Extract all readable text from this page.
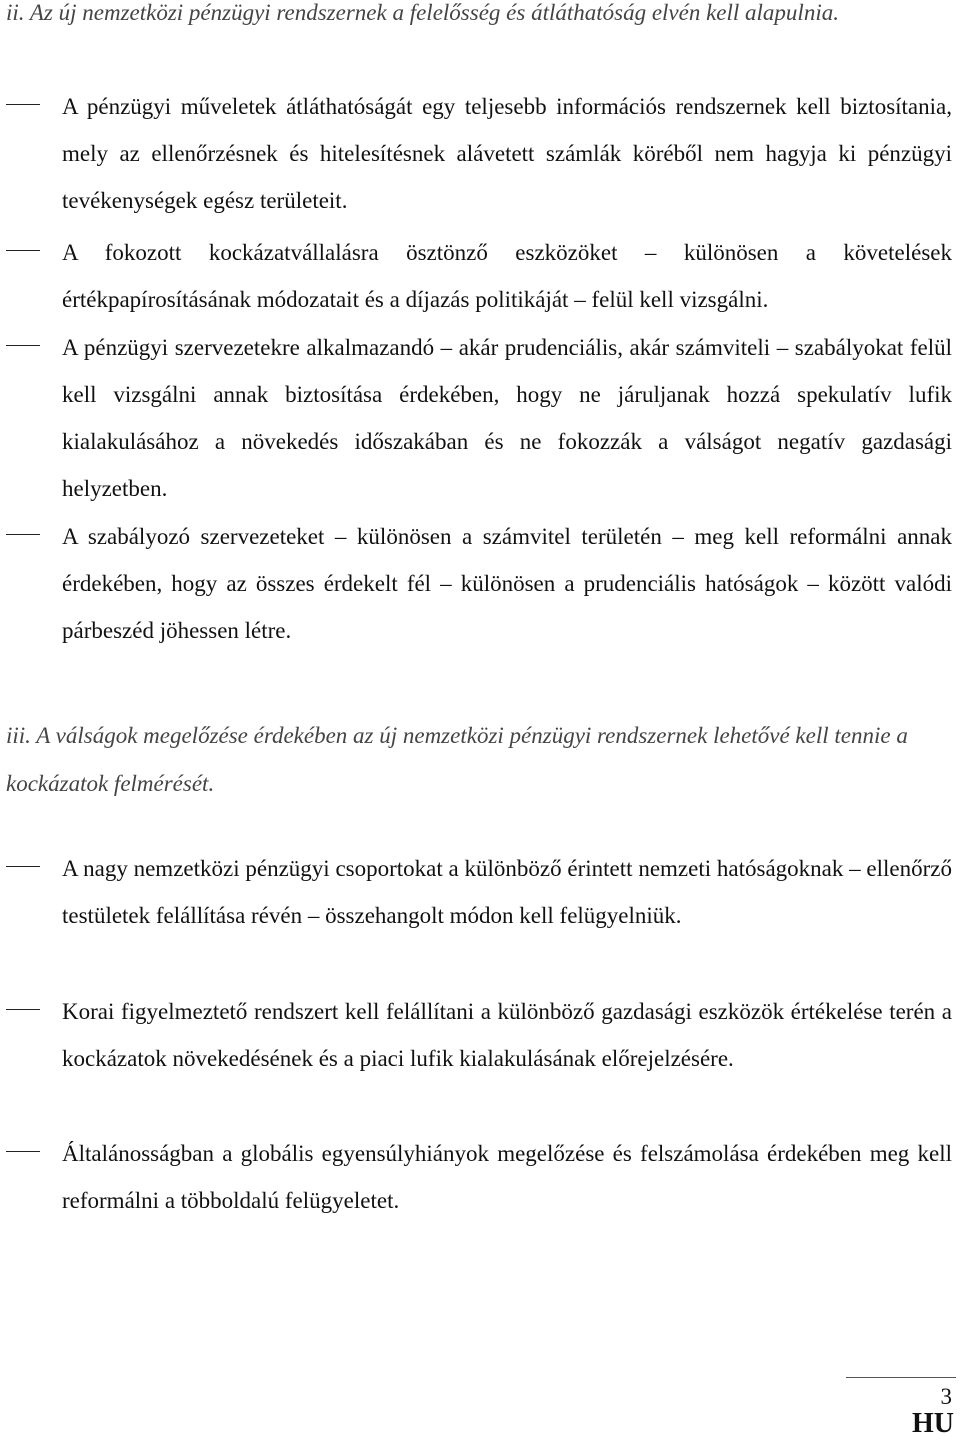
ii. Az új nemzetközi pénzügyi rendszernek a felelősség és átláthatóság elvén kell alapulnia.

A pénzügyi műveletek átláthatóságát egy teljesebb információs rendszernek kell biztosítania, mely az ellenőrzésnek és hitelesítésnek alávetett számlák köréből nem hagyja ki pénzügyi tevékenységek egész területeit.
A fokozott kockázatvállalásra ösztönző eszközöket – különösen a követelések értékpapírosításának módozatait és a díjazás politikáját – felül kell vizsgálni.
A pénzügyi szervezetekre alkalmazandó – akár prudenciális, akár számviteli – szabályokat felül kell vizsgálni annak biztosítása érdekében, hogy ne járuljanak hozzá spekulatív lufik kialakulásához a növekedés időszakában és ne fokozzák a válságot negatív gazdasági helyzetben.
A szabályozó szervezeteket – különösen a számvitel területén – meg kell reformálni annak érdekében, hogy az összes érdekelt fél – különösen a prudenciális hatóságok – között valódi párbeszéd jöhessen létre.

iii. A válságok megelőzése érdekében az új nemzetközi pénzügyi rendszernek lehetővé kell tennie a kockázatok felmérését.

A nagy nemzetközi pénzügyi csoportokat a különböző érintett nemzeti hatóságoknak – ellenőrző testületek felállítása révén – összehangolt módon kell felügyelniük.
Korai figyelmeztető rendszert kell felállítani a különböző gazdasági eszközök értékelése terén a kockázatok növekedésének és a piaci lufik kialakulásának előrejelzésére.
Általánosságban a globális egyensúlyhiányok megelőzése és felszámolása érdekében meg kell reformálni a többoldalú felügyeletet.
3
HU
